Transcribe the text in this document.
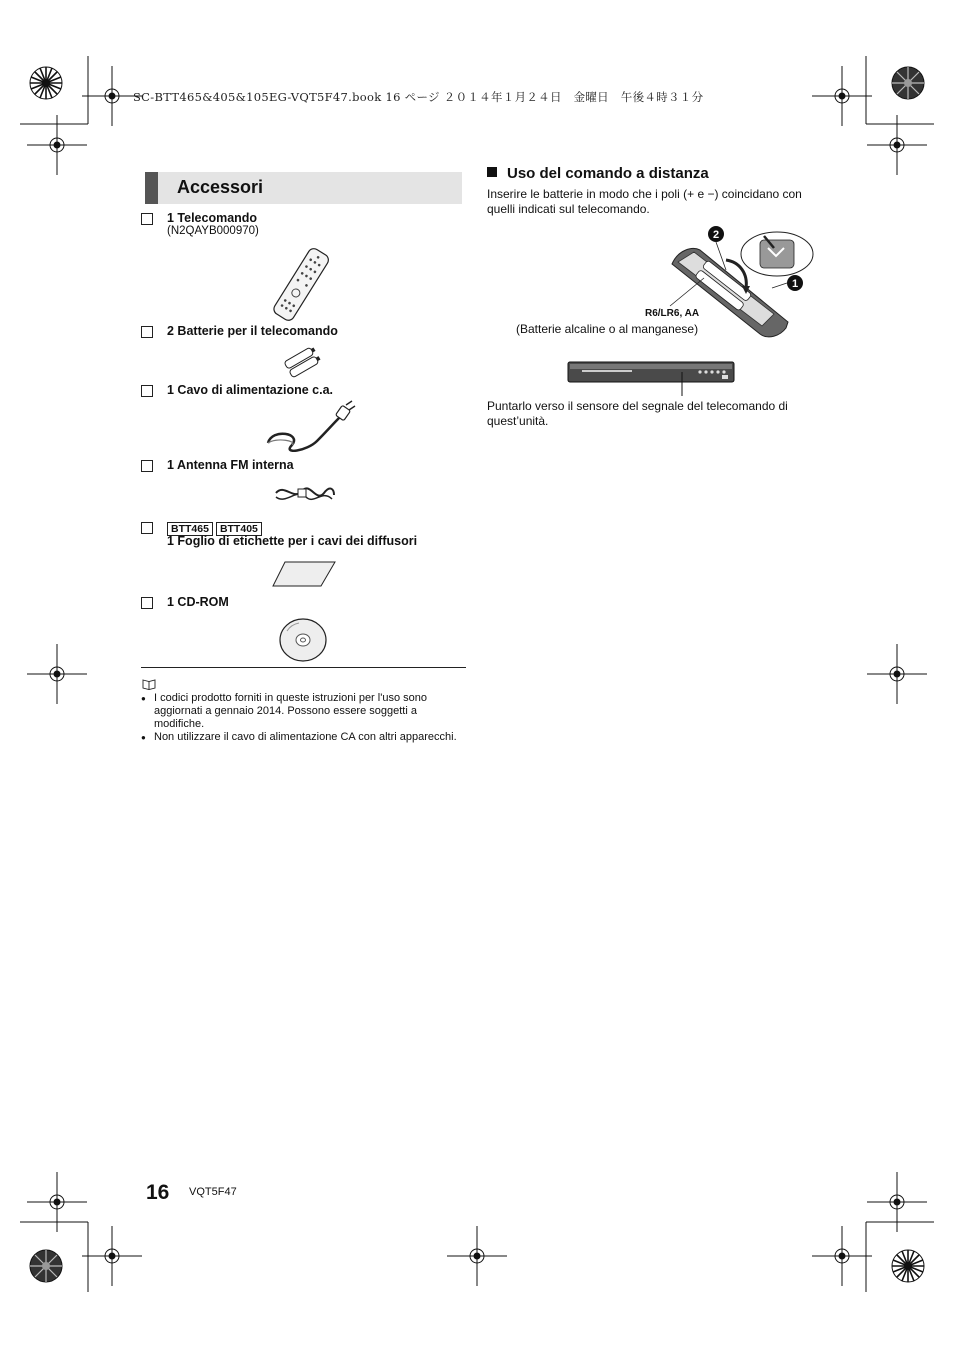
SC-BTT465&405&105EG-VQT5F47.book 16 ページ ２０１４年１月２４日　金曜日　午後４時３１分
Accessori
1 Telecomando
(N2QAYB000970)
2 Batterie per il telecomando
1 Cavo di alimentazione c.a.
1 Antenna FM interna
BTT465 BTT405
1 Foglio di etichette per i cavi dei diffusori
1 CD-ROM
● I codici prodotto forniti in queste istruzioni per l'uso sono aggiornati a gennaio 2014. Possono essere soggetti a modifiche.
● Non utilizzare il cavo di alimentazione CA con altri apparecchi.
Uso del comando a distanza
Inserire le batterie in modo che i poli (+ e −) coincidano con quelli indicati sul telecomando.
2
1
R6/LR6, AA
(Batterie alcaline o al manganese)
Puntarlo verso il sensore del segnale del telecomando di quest’unità.
16 VQT5F47
